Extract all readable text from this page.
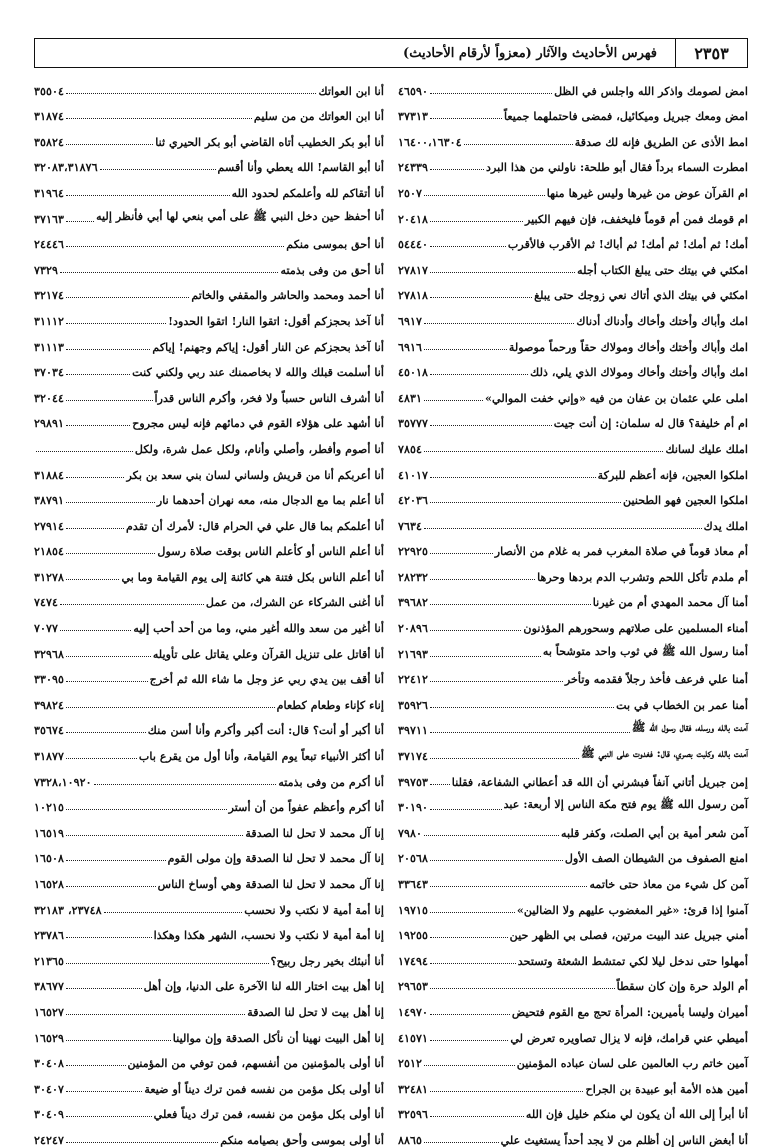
٢٣٥٣
فهرس الأحاديث والآثار (معزواً لأرقام الأحاديث)
امض لصومك واذكر الله واجلس في الظل
٤٦٥٩٠
امض ومعك جبريل وميكائيل، فمضى فاحتملهما جميعاً
٣٧٣١٣
امط الأذى عن الطريق فإنه لك صدقة
١٦٤٠٠،١٦٣٠٤
امطرت السماء برداً فقال أبو طلحة: ناولني من هذا البرد
٢٤٣٣٩
ام القرآن عوض من غيرها وليس غيرها منها
٢٥٠٧
ام قومك فمن أم قوماً فليخفف، فإن فيهم الكبير
٢٠٤١٨
أمك! ثم أمك! ثم أمك! ثم أباك! ثم الأقرب فالأقرب
٥٤٤٤٠
امكثي في بيتك حتى يبلغ الكتاب أجله
٢٧٨١٧
امكثي في بيتك الذي أتاك نعي زوجك حتى يبلغ
٢٧٨١٨
امك وأباك وأختك وأخاك وأدناك أدناك
٦٩١٧
امك وأباك وأختك وأخاك ومولاك حقاً ورحماً موصولة
٦٩١٦
امك وأباك وأختك وأخاك ومولاك الذي يلي، ذلك
٤٥٠١٨
املى علي عثمان بن عفان من فيه «وإني خفت الموالي»
٤٨٣١
ام أم خليفة؟ قال له سلمان: إن أنت جيت
٣٥٧٧٧
املك عليك لسانك
٧٨٥٤
املكوا العجين، فإنه أعظم للبركة
٤١٠١٧
املكوا العجين فهو الطحنين
٤٢٠٣٦
املك يدك
٧٦٣٤
أم معاذ قوماً في صلاة المغرب فمر به غلام من الأنصار
٢٢٩٢٥
أم ملدم تأكل اللحم وتشرب الدم بردها وحرها
٢٨٢٣٢
أمنا آل محمد المهدي أم من غيرنا
٣٩٦٨٢
أمناء المسلمين على صلاتهم وسحورهم المؤذنون
٢٠٨٩٦
أمنا رسول الله ﷺ في ثوب واحد متوشحاً به
٢١٦٩٣
أمنا علي فرعف فأخذ رجلاً فقدمه وتأخر
٢٢٤١٢
أمنا عمر بن الخطاب في بت
٣٥٩٢٦
آمنت بالله ورسله، فقال رسول الله ﷺ
٣٩٧١١
آمنت بالله وكلبت بصري، قال: فغدوت على النبي ﷺ
٣٧١٧٤
إمن جبريل أتاني آنفاً فبشرني أن الله قد أعطاني الشفاعة، فقلنا
٣٩٧٥٣
آمن رسول الله ﷺ يوم فتح مكة الناس إلا أربعة: عبد
٣٠١٩٠
آمن شعر أمية بن أبي الصلت، وكفر قلبه
٧٩٨٠
امنع الصفوف من الشيطان الصف الأول
٢٠٥٦٨
آمن كل شيء من معاذ حتى خاتمه
٣٣٦٤٣
آمنوا إذا قرئ: «غير المغضوب عليهم ولا الضالين»
١٩٧١٥
أمني جبريل عند البيت مرتين، فصلى بي الظهر حين
١٩٢٥٥
أمهلوا حتى ندخل ليلا لكي تمتشط الشعثة وتستحد
١٧٤٩٤
أم الولد حرة وإن كان سقطاً
٢٩٦٥٣
أميران وليسا بأميرين: المرأة تحج مع القوم فتحيض
١٤٩٧٠
أميطي عني قرامك، فإنه لا يزال تصاويره تعرض لي
٤١٥٧١
آمين خاتم رب العالمين على لسان عباده المؤمنين
٢٥١٢
أمين هذه الأمة أبو عبيدة بن الجراح
٣٢٤٨١
أنا أبرأ إلى الله أن يكون لي منكم خليل فإن الله
٣٢٥٩٦
أنا أبغض الناس إن أظلم من لا يجد أحداً يستغيث علي
٨٨٦٥
أنا ابن العواتك
٣٥٥٠٤
أنا ابن العواتك من من سليم
٣١٨٧٤
أنا أبو بكر الخطيب أتاه القاضي أبو بكر الحيري ثنا
٣٥٨٢٤
أنا أبو القاسم! الله يعطي وأنا أقسم
٣٢٠٨٣،٣١٨٧٦
أنا أتقاكم لله وأعلمكم لحدود الله
٣١٩٦٤
أنا أحفظ حين دخل النبي ﷺ على أمي بنعي لها أبي فأنظر إليه
٣٧١٦٣
أنا أحق بموسى منكم
٢٤٤٤٦
أنا أحق من وفى بذمته
٧٣٢٩
أنا أحمد ومحمد والحاشر والمقفي والخاتم
٣٢١٧٤
أنا آخذ بحجزكم أقول: اتقوا النار! اتقوا الحدود!
٣١١١٢
أنا آخذ بحجزكم عن النار أقول: إياكم وجهنم! إياكم
٣١١١٣
أنا أسلمت قبلك والله لا بخاصمنك عند ربي ولكني كنت
٣٧٠٣٤
أنا أشرف الناس حسباً ولا فخر، وأكرم الناس قدراً
٣٢٠٤٤
أنا أشهد على هؤلاء القوم في دمائهم فإنه ليس مجروح
٢٩٨٩١
أنا أصوم وأفطر، وأصلي وأنام، ولكل عمل شرة، ولكل
أنا أعربكم أنا من قريش ولساني لسان بني سعد بن بكر
٣١٨٨٤
أنا أعلم بما مع الدجال منه، معه نهران أحدهما نار
٣٨٧٩١
أنا أعلمكم بما قال علي في الحرام قال: لأمرك أن تقدم
٢٧٩١٤
أنا أعلم الناس أو كأعلم الناس بوقت صلاة رسول
٢١٨٥٤
أنا أعلم الناس بكل فتنة هي كائنة إلى يوم القيامة وما بي
٣١٢٧٨
أنا أغنى الشركاء عن الشرك، من عمل
٧٤٧٤
أنا أغير من سعد والله أغير مني، وما من أحد أحب إليه
٧٠٧٧
أنا أقاتل على تنزيل القرآن وعلي يقاتل على تأويله
٣٢٩٦٨
أنا أقف بين يدي ربي عز وجل ما شاء الله ثم أخرج
٣٣٠٩٥
إناء كإناء وطعام كطعام
٣٩٨٢٤
أنا أكبر أو أنت؟ قال: أنت أكبر وأكرم وأنا أسن منك
٣٥٦٧٤
أنا أكثر الأنبياء تبعاً يوم القيامة، وأنا أول من يقرع باب
٣١٨٧٧
أنا أكرم من وفى بذمته
٧٣٢٨،١٠٩٢٠
أنا أكرم وأعظم عفواً من أن أستر
١٠٢١٥
إنا آل محمد لا تحل لنا الصدقة
١٦٥١٩
إنا آل محمد لا تحل لنا الصدقة وإن مولى القوم
١٦٥٠٨
إنا آل محمد لا تحل لنا الصدقة وهي أوساخ الناس
١٦٥٢٨
إنا أمة أمية لا نكتب ولا نحسب
٢٣٧٤٨، ٣٢١٨٣
إنا أمة أمية لا نكتب ولا نحسب، الشهر هكذا وهكذا
٢٣٧٨٦
أنا أنبئك بخير رجل ربيح؟
٢١٣٦٥
إنا أهل بيت اختار الله لنا الآخرة على الدنيا، وإن أهل
٣٨٦٧٧
إنا أهل بيت لا تحل لنا الصدقة
١٦٥٢٧
إنا أهل البيت نهينا أن نأكل الصدقة وإن موالينا
١٦٥٢٩
أنا أولى بالمؤمنين من أنفسهم، فمن توفي من المؤمنين
٣٠٤٠٨
أنا أولى بكل مؤمن من نفسه فمن ترك ديناً أو ضيعة
٣٠٤٠٧
أنا أولى بكل مؤمن من نفسه، فمن ترك ديناً فعلي
٣٠٤٠٩
أنا أولى بموسى وأحق بصيامه منكم
٢٤٢٤٧
